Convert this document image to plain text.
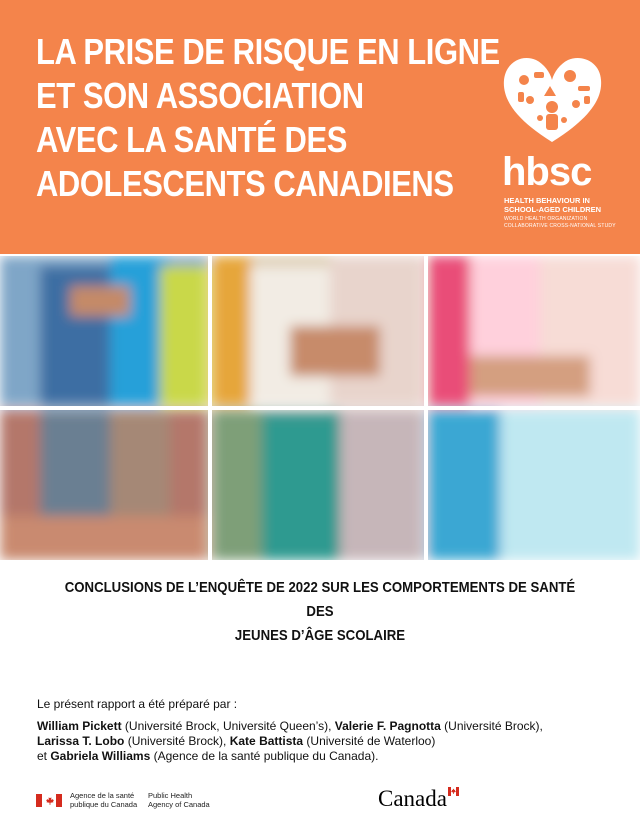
LA PRISE DE RISQUE EN LIGNE
ET SON ASSOCIATION
AVEC LA SANTÉ DES
ADOLESCENTS CANADIENS	hbsc
HEALTH BEHAVIOUR IN
SCHOOL-AGED CHILDREN
WORLD HEALTH ORGANIZATION
COLLABORATIVE CROSS-NATIONAL STUDY
CONCLUSIONS DE L’ENQUÊTE DE 2022 SUR LES COMPORTEMENTS DE SANTÉ DES
JEUNES D’ÂGE SCOLAIRE
Le présent rapport a été préparé par :
William Pickett (Université Brock, Université Queen’s), Valerie F. Pagnotta (Université Brock),
Larissa T. Lobo (Université Brock), Kate Battista (Université de Waterloo)
et Gabriela Williams (Agence de la santé publique du Canada).
Agence de la santé
publique du Canada
Public Health
Agency of Canada	Canada
